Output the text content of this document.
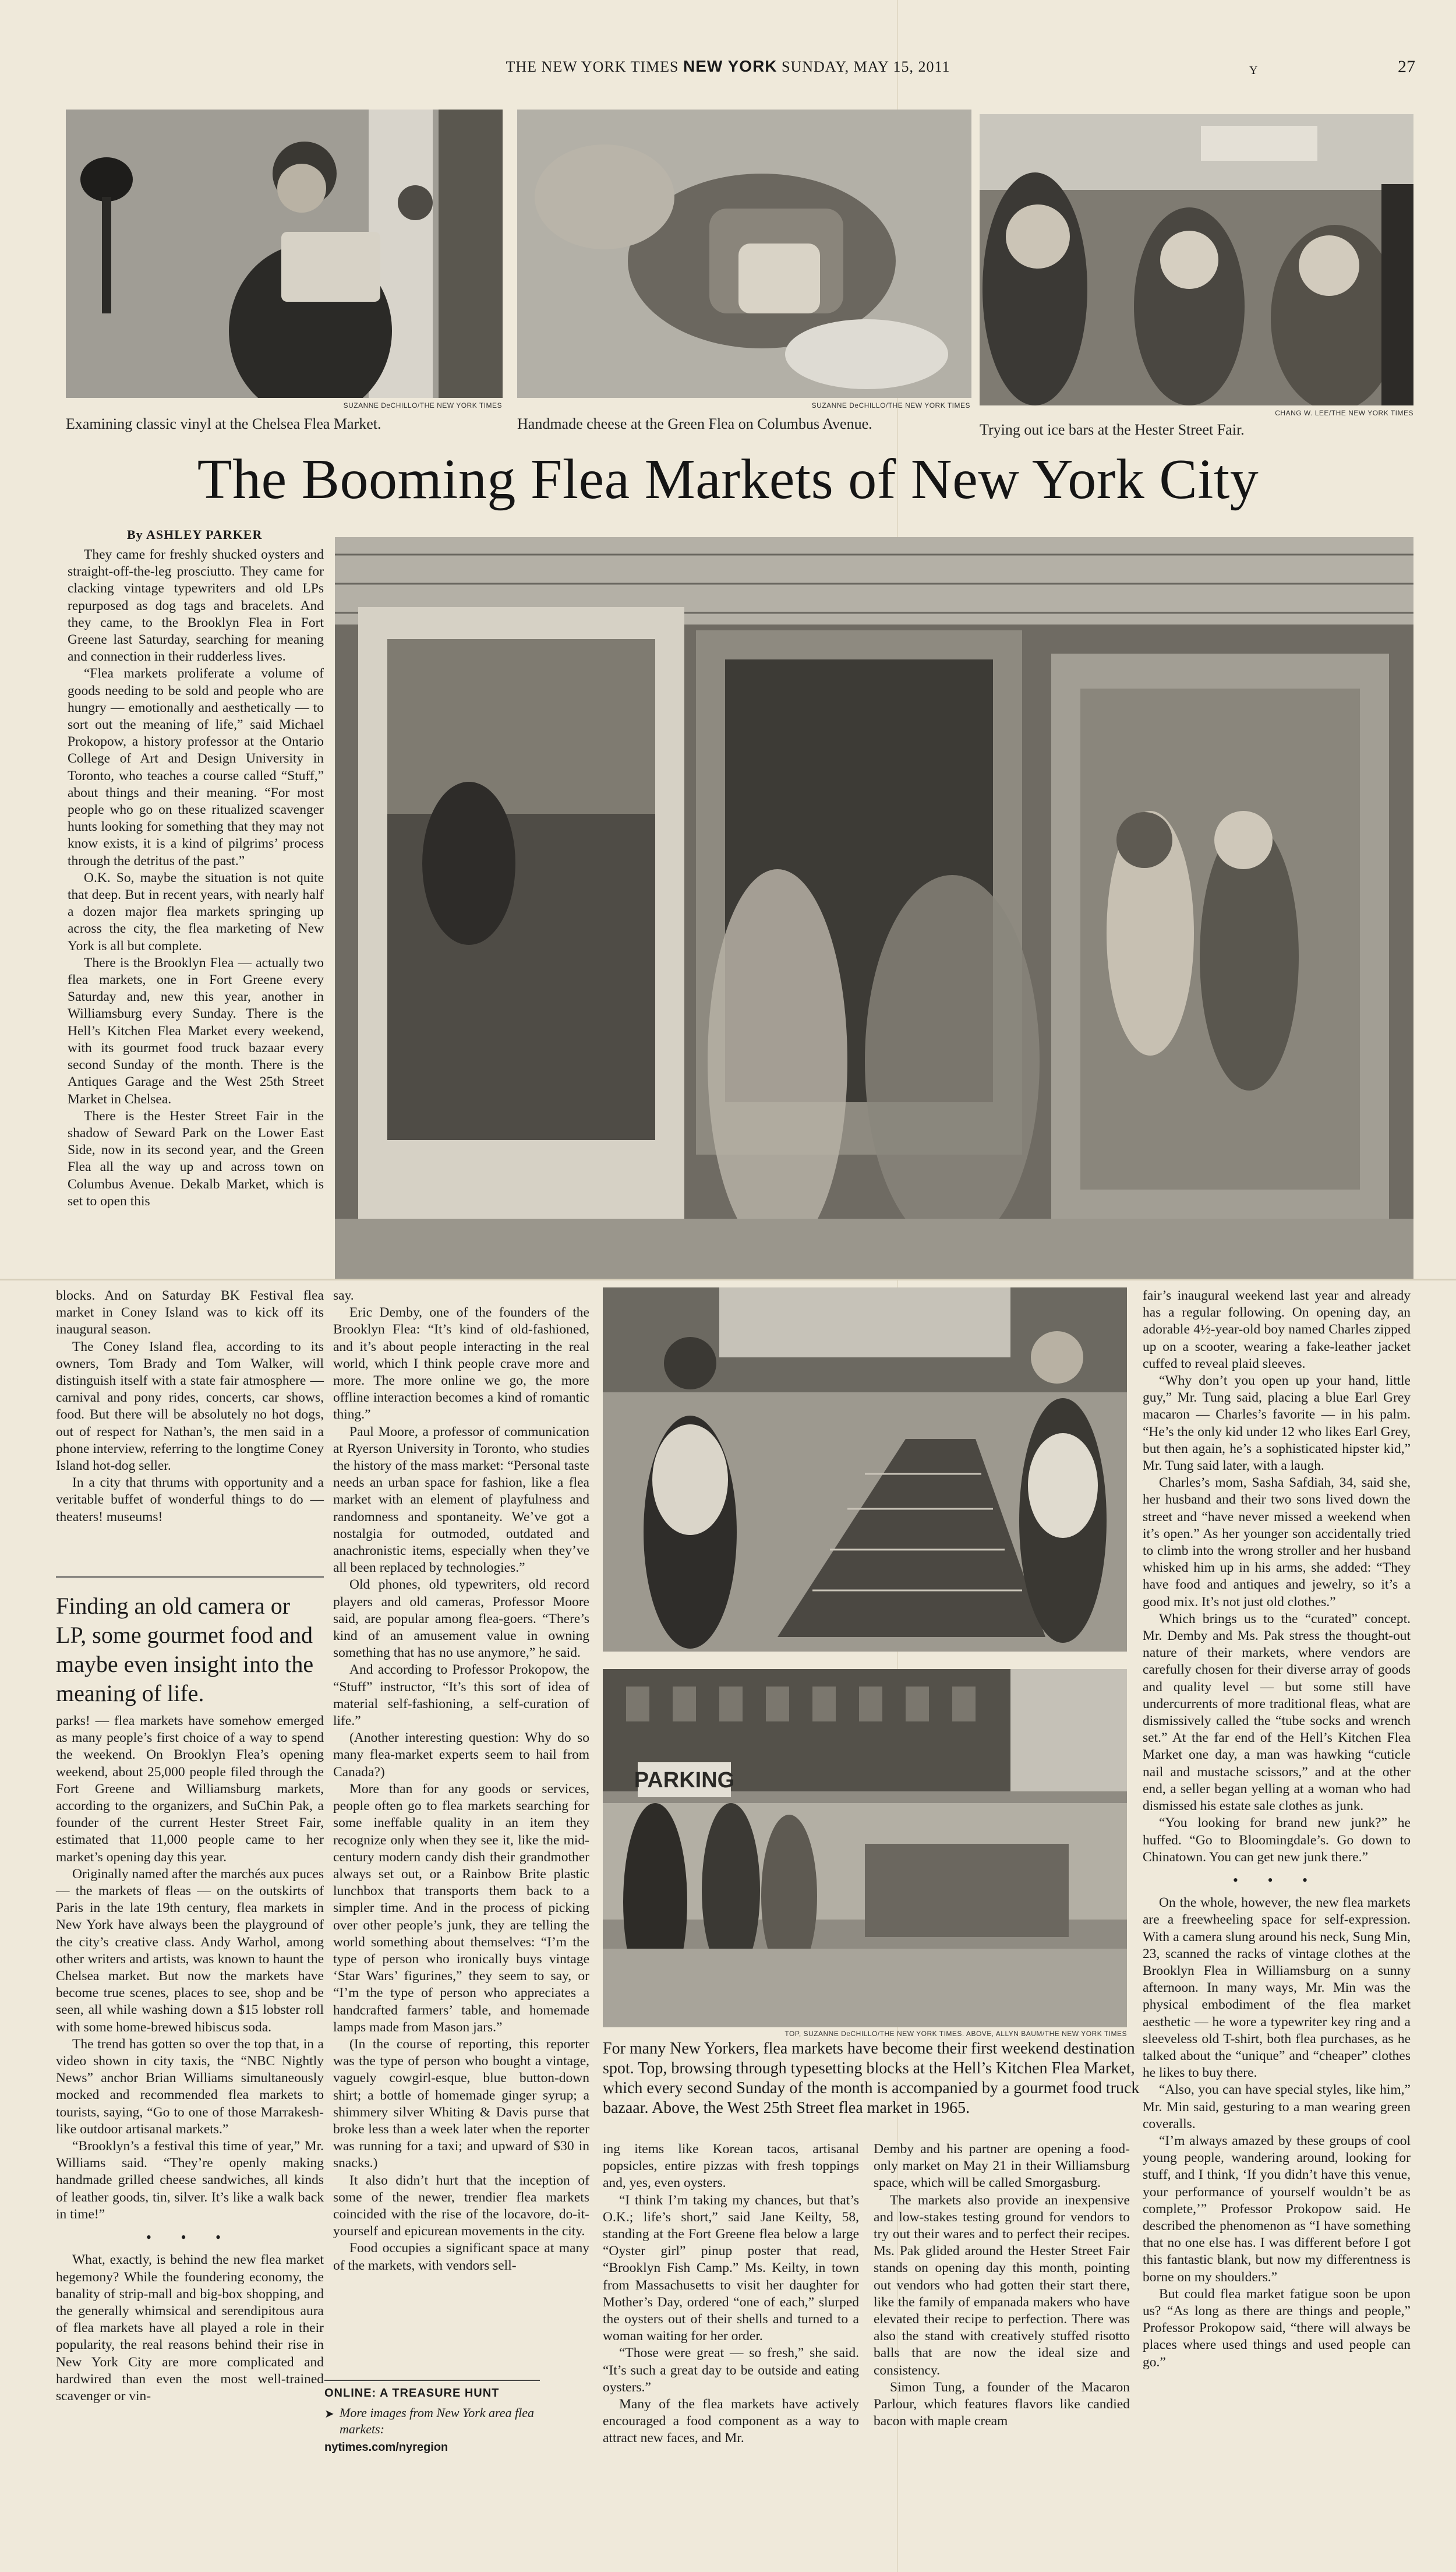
THE NEW YORK TIMES NEW YORK SUNDAY, MAY 15, 2011	Y	27
SUZANNE DeCHILLO/THE NEW YORK TIMES
Examining classic vinyl at the Chelsea Flea Market.
SUZANNE DeCHILLO/THE NEW YORK TIMES
Handmade cheese at the Green Flea on Columbus Avenue.
CHANG W. LEE/THE NEW YORK TIMES
Trying out ice bars at the Hester Street Fair.
The Booming Flea Markets of New York City
By ASHLEY PARKER

They came for freshly shucked oysters and straight-off-the-leg prosciutto. They came for clacking vintage typewriters and old LPs repurposed as dog tags and bracelets. And they came, to the Brooklyn Flea in Fort Greene last Saturday, searching for meaning and connection in their rudderless lives.

“Flea markets proliferate a volume of goods needing to be sold and people who are hungry — emotionally and aesthetically — to sort out the meaning of life,” said Michael Prokopow, a history professor at the Ontario College of Art and Design University in Toronto, who teaches a course called “Stuff,” about things and their meaning. “For most people who go on these ritualized scavenger hunts looking for something that they may not know exists, it is a kind of pilgrims’ process through the detritus of the past.”

O.K. So, maybe the situation is not quite that deep. But in recent years, with nearly half a dozen major flea markets springing up across the city, the flea marketing of New York is all but complete.

There is the Brooklyn Flea — actually two flea markets, one in Fort Greene every Saturday and, new this year, another in Williamsburg every Sunday. There is the Hell’s Kitchen Flea Market every weekend, with its gourmet food truck bazaar every second Sunday of the month. There is the Antiques Garage and the West 25th Street Market in Chelsea.

There is the Hester Street Fair in the shadow of Seward Park on the Lower East Side, now in its second year, and the Green Flea all the way up and across town on Columbus Avenue. Dekalb Market, which is set to open this

blocks. And on Saturday BK Festival flea market in Coney Island was to kick off its inaugural season.

The Coney Island flea, according to its owners, Tom Brady and Tom Walker, will distinguish itself with a state fair atmosphere — carnival and pony rides, concerts, car shows, food. But there will be absolutely no hot dogs, out of respect for Nathan’s, the men said in a phone interview, referring to the longtime Coney Island hot-dog seller.

In a city that thrums with opportunity and a veritable buffet of wonderful things to do — theaters! museums!

Finding an old camera or LP, some gourmet food and maybe even insight into the meaning of life.

parks! — flea markets have somehow emerged as many people’s first choice of a way to spend the weekend. On Brooklyn Flea’s opening weekend, about 25,000 people filed through the Fort Greene and Williamsburg markets, according to the organizers, and SuChin Pak, a founder of the current Hester Street Fair, estimated that 11,000 people came to her market’s opening day this year.

Originally named after the marchés aux puces — the markets of fleas — on the outskirts of Paris in the late 19th century, flea markets in New York have always been the playground of the city’s creative class. Andy Warhol, among other writers and artists, was known to haunt the Chelsea market. But now the markets have become true scenes, places to see, shop and be seen, all while washing down a $15 lobster roll with some home-brewed hibiscus soda.

The trend has gotten so over the top that, in a video shown in city taxis, the “NBC Nightly News” anchor Brian Williams simultaneously mocked and recommended flea markets to tourists, saying, “Go to one of those Marrakesh-like outdoor artisanal markets.”

“Brooklyn’s a festival this time of year,” Mr. Williams said. “They’re openly making handmade grilled cheese sandwiches, all kinds of leather goods, tin, silver. It’s like a walk back in time!”

• • •

What, exactly, is behind the new flea market hegemony? While the foundering economy, the banality of strip-mall and big-box shopping, and the generally whimsical and serendipitous aura of flea markets have all played a role in their popularity, the real reasons behind their rise in New York City are more complicated and hardwired than even the most well-trained scavenger or vin-

say.

Eric Demby, one of the founders of the Brooklyn Flea: “It’s kind of old-fashioned, and it’s about people interacting in the real world, which I think people crave more and more. The more online we go, the more offline interaction becomes a kind of romantic thing.”

Paul Moore, a professor of communication at Ryerson University in Toronto, who studies the history of the mass market: “Personal taste needs an urban space for fashion, like a flea market with an element of playfulness and randomness and spontaneity. We’ve got a nostalgia for outmoded, outdated and anachronistic items, especially when they’ve all been replaced by technologies.”

Old phones, old typewriters, old record players and old cameras, Professor Moore said, are popular among flea-goers. “There’s kind of an amusement value in owning something that has no use anymore,” he said.

And according to Professor Prokopow, the “Stuff” instructor, “It’s this sort of idea of material self-fashioning, a self-curation of life.”

(Another interesting question: Why do so many flea-market experts seem to hail from Canada?)

More than for any goods or services, people often go to flea markets searching for some ineffable quality in an item they recognize only when they see it, like the mid-century modern candy dish their grandmother always set out, or a Rainbow Brite plastic lunchbox that transports them back to a simpler time. And in the process of picking over other people’s junk, they are telling the world something about themselves: “I’m the type of person who ironically buys vintage ‘Star Wars’ figurines,” they seem to say, or “I’m the type of person who appreciates a handcrafted farmers’ table, and homemade lamps made from Mason jars.”

(In the course of reporting, this reporter was the type of person who bought a vintage, vaguely cowgirl-esque, blue button-down shirt; a bottle of homemade ginger syrup; a shimmery silver Whiting & Davis purse that broke less than a week later when the reporter was running for a taxi; and upward of $30 in snacks.)

It also didn’t hurt that the inception of some of the newer, trendier flea markets coincided with the rise of the locavore, do-it-yourself and epicurean movements in the city.

Food occupies a significant space at many of the markets, with vendors sell-

ONLINE: A TREASURE HUNT
➤ More images from New York area flea markets:
nytimes.com/nyregion
PARKING
TOP, SUZANNE DeCHILLO/THE NEW YORK TIMES. ABOVE, ALLYN BAUM/THE NEW YORK TIMES
For many New Yorkers, flea markets have become their first weekend destination spot. Top, browsing through typesetting blocks at the Hell’s Kitchen Flea Market, which every second Sunday of the month is accompanied by a gourmet food truck bazaar. Above, the West 25th Street flea market in 1965.

ing items like Korean tacos, artisanal popsicles, entire pizzas with fresh toppings and, yes, even oysters.

“I think I’m taking my chances, but that’s O.K.; life’s short,” said Jane Keilty, 58, standing at the Fort Greene flea below a large “Oyster girl” pinup poster that read, “Brooklyn Fish Camp.” Ms. Keilty, in town from Massachusetts to visit her daughter for Mother’s Day, ordered “one of each,” slurped the oysters out of their shells and turned to a woman waiting for her order.

“Those were great — so fresh,” she said. “It’s such a great day to be outside and eating oysters.”

Many of the flea markets have actively encouraged a food component as a way to attract new faces, and Mr.

Demby and his partner are opening a food-only market on May 21 in their Williamsburg space, which will be called Smorgasburg.

The markets also provide an inexpensive and low-stakes testing ground for vendors to try out their wares and to perfect their recipes. Ms. Pak glided around the Hester Street Fair stands on opening day this month, pointing out vendors who had gotten their start there, like the family of empanada makers who have elevated their recipe to perfection. There was also the stand with creatively stuffed risotto balls that are now the ideal size and consistency.

Simon Tung, a founder of the Macaron Parlour, which features flavors like candied bacon with maple cream

fair’s inaugural weekend last year and already has a regular following. On opening day, an adorable 4½-year-old boy named Charles zipped up on a scooter, wearing a fake-leather jacket cuffed to reveal plaid sleeves.

“Why don’t you open up your hand, little guy,” Mr. Tung said, placing a blue Earl Grey macaron — Charles’s favorite — in his palm. “He’s the only kid under 12 who likes Earl Grey, but then again, he’s a sophisticated hipster kid,” Mr. Tung said later, with a laugh.

Charles’s mom, Sasha Safdiah, 34, said she, her husband and their two sons lived down the street and “have never missed a weekend when it’s open.” As her younger son accidentally tried to climb into the wrong stroller and her husband whisked him up in his arms, she added: “They have food and antiques and jewelry, so it’s a good mix. It’s not just old clothes.”

Which brings us to the “curated” concept. Mr. Demby and Ms. Pak stress the thought-out nature of their markets, where vendors are carefully chosen for their diverse array of goods and quality level — but some still have undercurrents of more traditional fleas, what are dismissively called the “tube socks and wrench set.” At the far end of the Hell’s Kitchen Flea Market one day, a man was hawking “cuticle nail and mustache scissors,” and at the other end, a seller began yelling at a woman who had dismissed his estate sale clothes as junk.

“You looking for brand new junk?” he huffed. “Go to Bloomingdale’s. Go down to Chinatown. You can get new junk there.”

• • •

On the whole, however, the new flea markets are a freewheeling space for self-expression. With a camera slung around his neck, Sung Min, 23, scanned the racks of vintage clothes at the Brooklyn Flea in Williamsburg on a sunny afternoon. In many ways, Mr. Min was the physical embodiment of the flea market aesthetic — he wore a typewriter key ring and a sleeveless old T-shirt, both flea purchases, as he talked about the “unique” and “cheaper” clothes he likes to buy there.

“Also, you can have special styles, like him,” Mr. Min said, gesturing to a man wearing green coveralls.

“I’m always amazed by these groups of cool young people, wandering around, looking for stuff, and I think, ‘If you didn’t have this venue, your performance of yourself wouldn’t be as complete,’” Professor Prokopow said. He described the phenomenon as “I have something that no one else has. I was different before I got this fantastic blank, but now my differentness is borne on my shoulders.”

But could flea market fatigue soon be upon us? “As long as there are things and people,” Professor Prokopow said, “there will always be places where used things and used people can go.”
